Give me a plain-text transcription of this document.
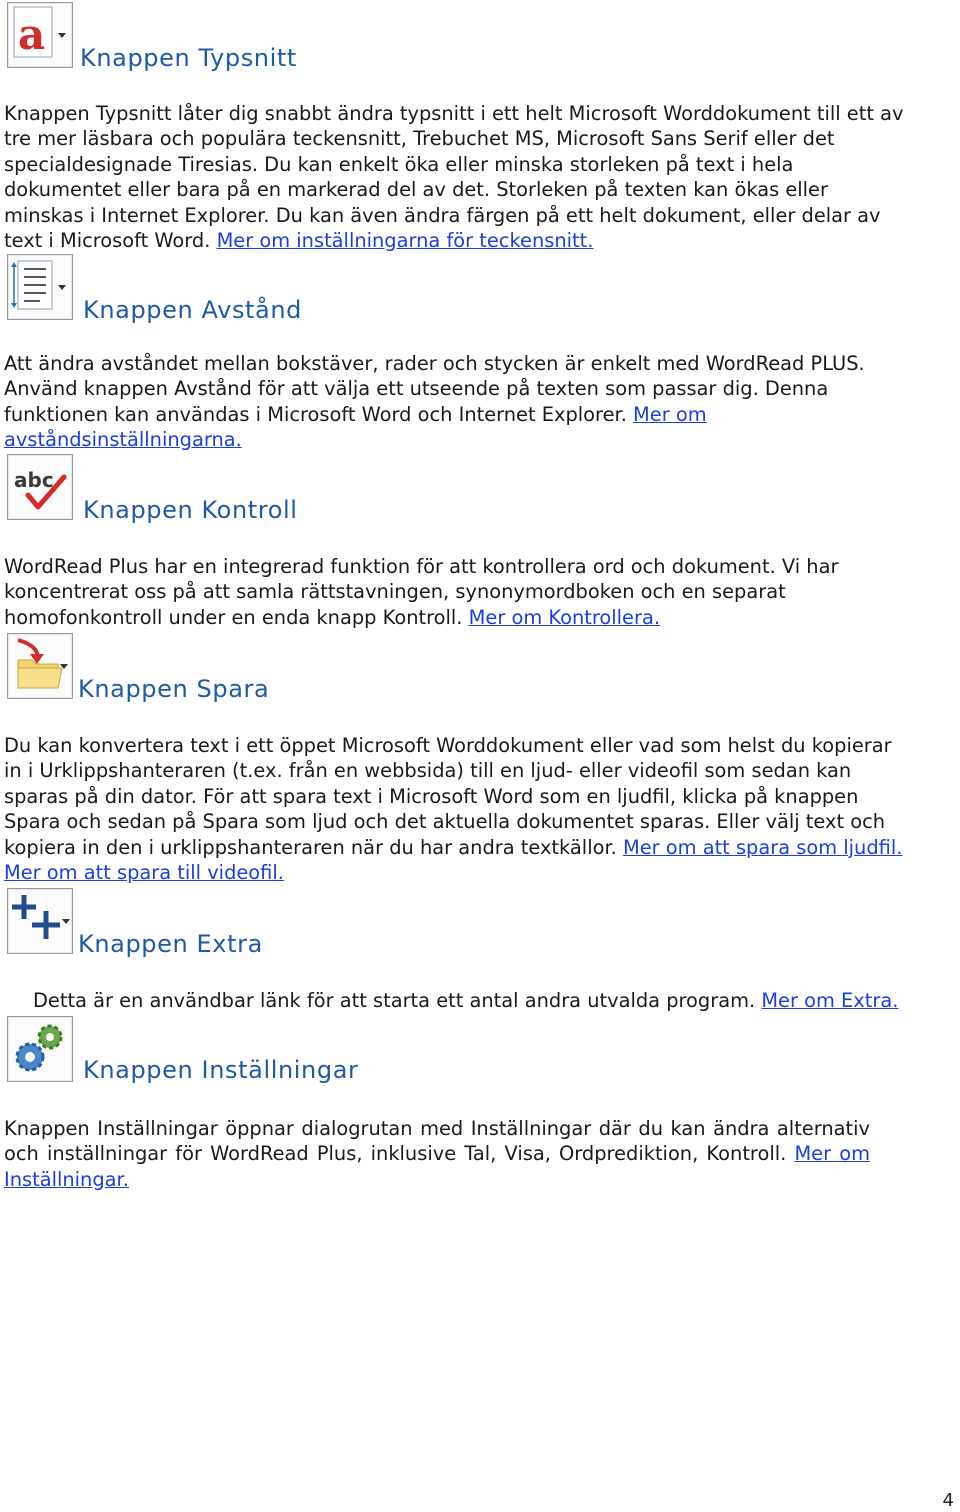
a Knappen Typsnitt

Knappen Typsnitt låter dig snabbt ändra typsnitt i ett helt Microsoft Worddokument till ett av tre mer läsbara och populära teckensnitt, Trebuchet MS, Microsoft Sans Serif eller det specialdesignade Tiresias. Du kan enkelt öka eller minska storleken på text i hela dokumentet eller bara på en markerad del av det. Storleken på texten kan ökas eller minskas i Internet Explorer. Du kan även ändra färgen på ett helt dokument, eller delar av text i Microsoft Word. Mer om inställningarna för teckensnitt.

Knappen Avstånd

Att ändra avståndet mellan bokstäver, rader och stycken är enkelt med WordRead PLUS. Använd knappen Avstånd för att välja ett utseende på texten som passar dig. Denna funktionen kan användas i Microsoft Word och Internet Explorer. Mer om avståndsinställningarna.

abc
Knappen Kontroll

WordRead Plus har en integrerad funktion för att kontrollera ord och dokument. Vi har koncentrerat oss på att samla rättstavningen, synonymordboken och en separat homofonkontroll under en enda knapp Kontroll. Mer om Kontrollera.

Knappen Spara

Du kan konvertera text i ett öppet Microsoft Worddokument eller vad som helst du kopierar in i Urklippshanteraren (t.ex. från en webbsida) till en ljud- eller videofil som sedan kan sparas på din dator. För att spara text i Microsoft Word som en ljudfil, klicka på knappen Spara och sedan på Spara som ljud och det aktuella dokumentet sparas. Eller välj text och kopiera in den i urklippshanteraren när du har andra textkällor. Mer om att spara som ljudfil. Mer om att spara till videofil.

Knappen Extra

Detta är en användbar länk för att starta ett antal andra utvalda program. Mer om Extra.

Knappen Inställningar

Knappen Inställningar öppnar dialogrutan med Inställningar där du kan ändra alternativ och inställningar för WordRead Plus, inklusive Tal, Visa, Ordprediktion, Kontroll. Mer om Inställningar.

4
